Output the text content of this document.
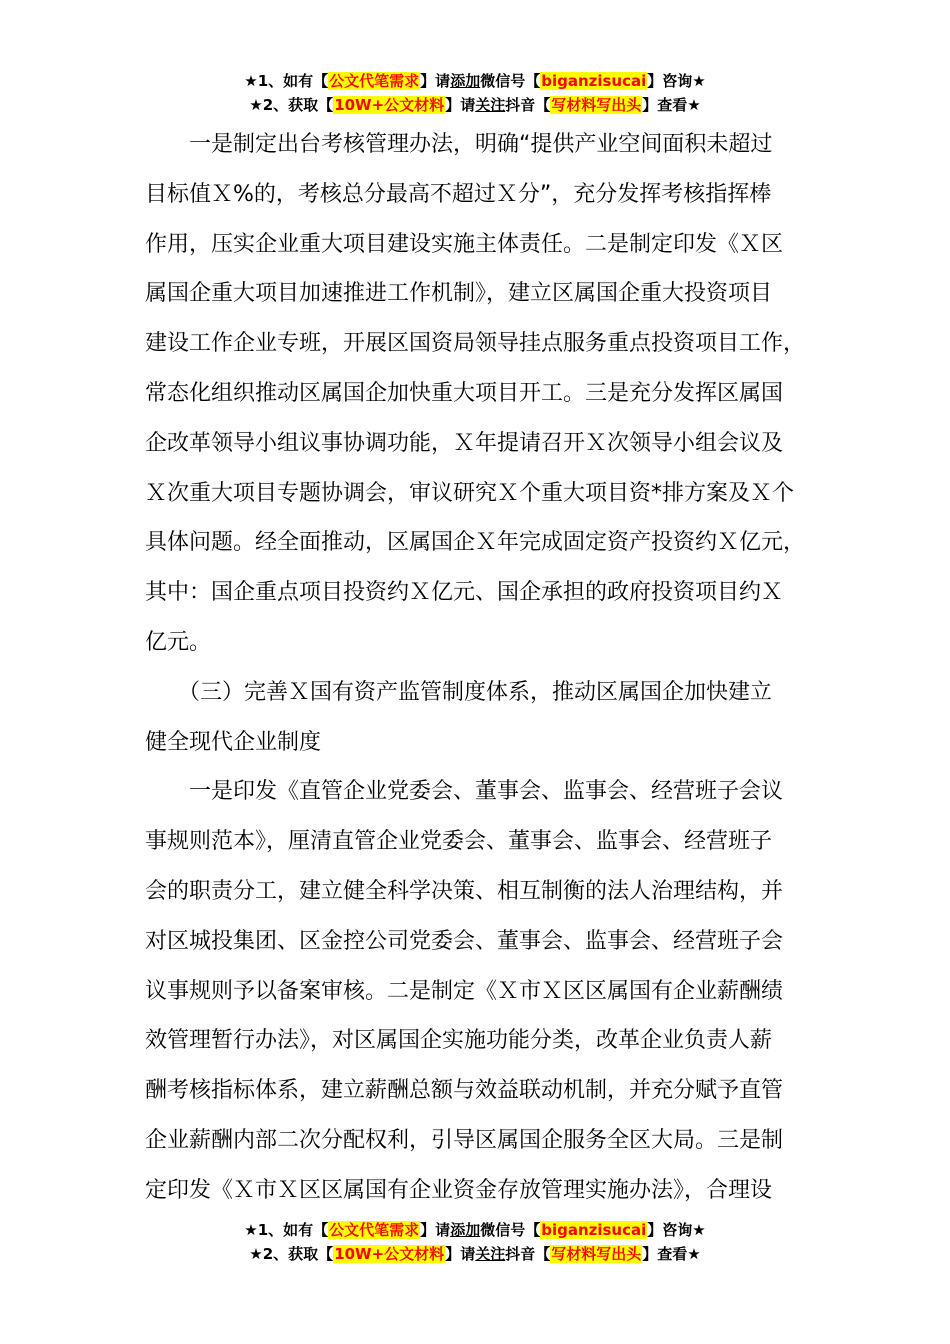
★1、如有【公文代笔需求】请添加微信号【biganzisucai】咨询★
★2、获取【10W+公文材料】请关注抖音【写材料写出头】查看★
　　一是制定出台考核管理办法，明确“提供产业空间面积未超过
目标值Ｘ%的，考核总分最高不超过Ｘ分”，充分发挥考核指挥棒
作用，压实企业重大项目建设实施主体责任。二是制定印发《Ｘ区
属国企重大项目加速推进工作机制》，建立区属国企重大投资项目
建设工作企业专班，开展区国资局领导挂点服务重点投资项目工作，
常态化组织推动区属国企加快重大项目开工。三是充分发挥区属国
企改革领导小组议事协调功能，Ｘ年提请召开Ｘ次领导小组会议及
Ｘ次重大项目专题协调会，审议研究Ｘ个重大项目资*排方案及Ｘ个
具体问题。经全面推动，区属国企Ｘ年完成固定资产投资约Ｘ亿元，
其中：国企重点项目投资约Ｘ亿元、国企承担的政府投资项目约Ｘ
亿元。
　　（三）完善Ｘ国有资产监管制度体系，推动区属国企加快建立
健全现代企业制度
　　一是印发《直管企业党委会、董事会、监事会、经营班子会议
事规则范本》，厘清直管企业党委会、董事会、监事会、经营班子
会的职责分工，建立健全科学决策、相互制衡的法人治理结构，并
对区城投集团、区金控公司党委会、董事会、监事会、经营班子会
议事规则予以备案审核。二是制定《Ｘ市Ｘ区区属国有企业薪酬绩
效管理暂行办法》，对区属国企实施功能分类，改革企业负责人薪
酬考核指标体系，建立薪酬总额与效益联动机制，并充分赋予直管
企业薪酬内部二次分配权利，引导区属国企服务全区大局。三是制
定印发《Ｘ市Ｘ区区属国有企业资金存放管理实施办法》，合理设
★1、如有【公文代笔需求】请添加微信号【biganzisucai】咨询★
★2、获取【10W+公文材料】请关注抖音【写材料写出头】查看★
